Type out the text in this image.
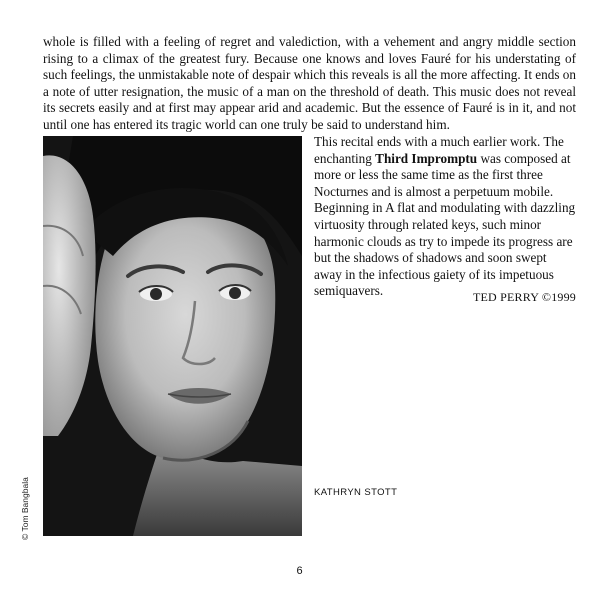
whole is filled with a feeling of regret and valediction, with a vehement and angry middle section rising to a climax of the greatest fury. Because one knows and loves Fauré for his understating of such feelings, the unmistakable note of despair which this reveals is all the more affecting. It ends on a note of utter resignation, the music of a man on the threshold of death. This music does not reveal its secrets easily and at first may appear arid and academic. But the essence of Fauré is in it, and not until one has entered its tragic world can one truly be said to understand him.

© Tom Bangbala

This recital ends with a much earlier work. The enchanting Third Impromptu was composed at more or less the same time as the first three Nocturnes and is almost a perpetuum mobile. Beginning in A flat and modulating with dazzling virtuosity through related keys, such minor harmonic clouds as try to impede its progress are but the shadows of shadows and soon swept away in the infectious gaiety of its impetuous semiquavers.	TED PERRY ©1999
KATHRYN STOTT
6
